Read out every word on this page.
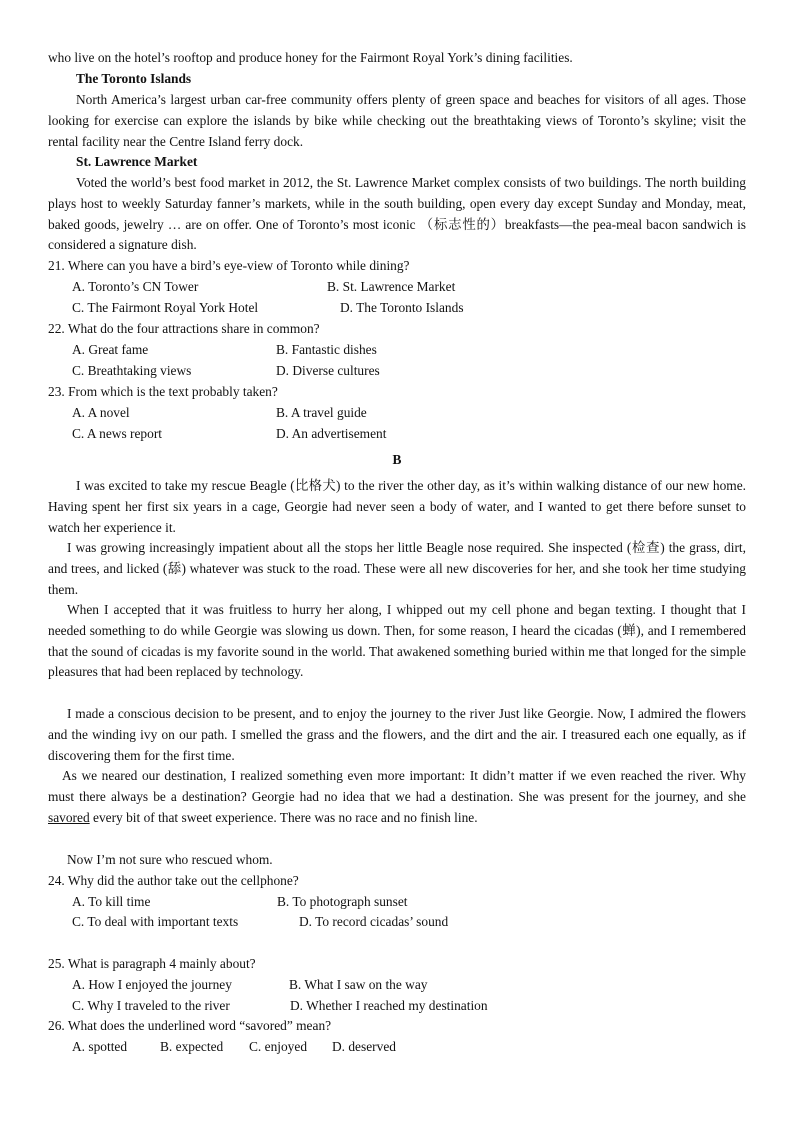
who live on the hotel’s rooftop and produce honey for the Fairmont Royal York’s dining facilities.
The Toronto Islands
North America’s largest urban car-free community offers plenty of green space and beaches for visitors of all ages. Those looking for exercise can explore the islands by bike while checking out the breathtaking views of Toronto’s skyline; visit the rental facility near the Centre Island ferry dock.
St. Lawrence Market
Voted the world’s best food market in 2012, the St. Lawrence Market complex consists of two buildings. The north building plays host to weekly Saturday fanner’s markets, while in the south building, open every day except Sunday and Monday, meat, baked goods, jewelry … are on offer. One of Toronto’s most iconic （标志性的）breakfasts—the pea-meal bacon sandwich is considered a signature dish.
21. Where can you have a bird’s eye-view of Toronto while dining?
A. Toronto’s CN Tower	B. St. Lawrence Market
C. The Fairmont Royal York Hotel	D. The Toronto Islands
22. What do the four attractions share in common?
A. Great fame	B. Fantastic dishes
C. Breathtaking views	D. Diverse cultures
23. From which is the text probably taken?
A. A novel	B. A travel guide
C. A news report	D. An advertisement
B
I was excited to take my rescue Beagle (比格犬) to the river the other day, as it’s within walking distance of our new home. Having spent her first six years in a cage, Georgie had never seen a body of water, and I wanted to get there before sunset to watch her experience it.
I was growing increasingly impatient about all the stops her little Beagle nose required. She inspected (检查) the grass, dirt, and trees, and licked (舔) whatever was stuck to the road. These were all new discoveries for her, and she took her time studying them.
When I accepted that it was fruitless to hurry her along, I whipped out my cell phone and began texting. I thought that I needed something to do while Georgie was slowing us down. Then, for some reason, I heard the cicadas (蝉), and I remembered that the sound of cicadas is my favorite sound in the world. That awakened something buried within me that longed for the simple pleasures that had been replaced by technology.
I made a conscious decision to be present, and to enjoy the journey to the river Just like Georgie. Now, I admired the flowers and the winding ivy on our path. I smelled the grass and the flowers, and the dirt and the air. I treasured each one equally, as if discovering them for the first time.
As we neared our destination, I realized something even more important: It didn’t matter if we even reached the river. Why must there always be a destination? Georgie had no idea that we had a destination. She was present for the journey, and she savored every bit of that sweet experience. There was no race and no finish line.
Now I’m not sure who rescued whom.
24. Why did the author take out the cellphone?
A. To kill time	B. To photograph sunset
C. To deal with important texts	D. To record cicadas’ sound
25. What is paragraph 4 mainly about?
A. How I enjoyed the journey	B. What I saw on the way
C. Why I traveled to the river	D. Whether I reached my destination
26. What does the underlined word “savored” mean?
A. spotted B. expected C. enjoyed D. deserved
